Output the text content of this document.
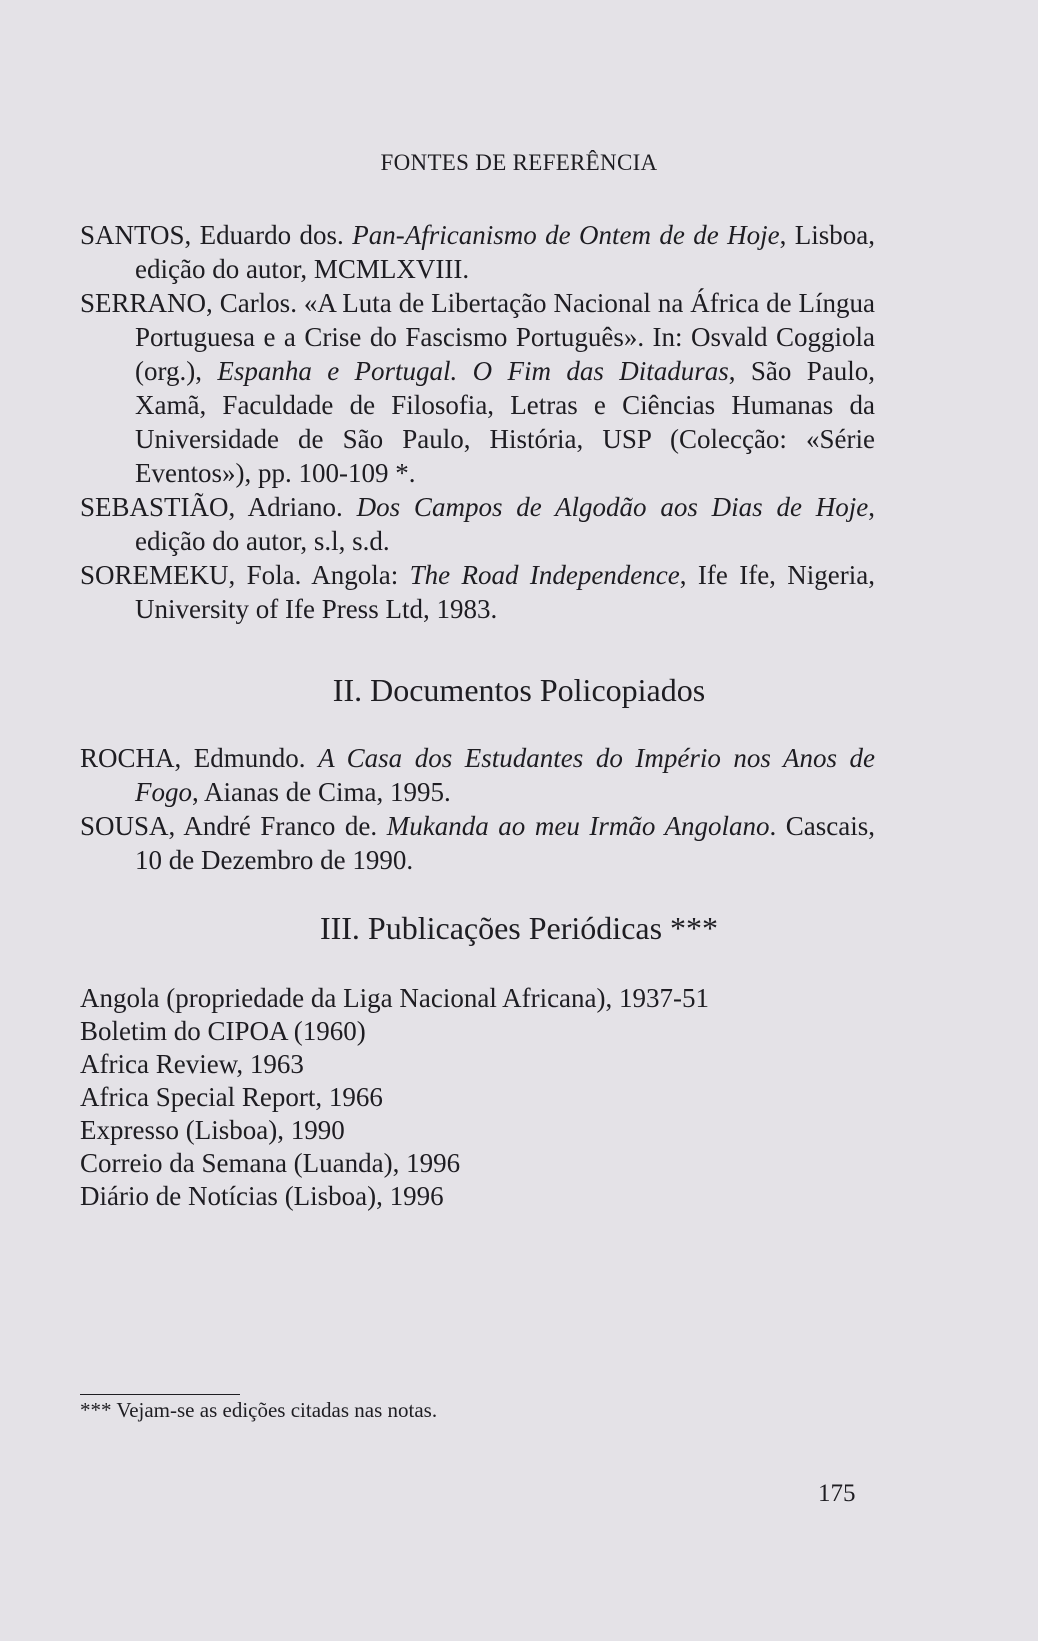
FONTES DE REFERÊNCIA

SANTOS, Eduardo dos. Pan-Africanismo de Ontem de de Hoje, Lisboa, edição do autor, MCMLXVIII.

SERRANO, Carlos. «A Luta de Libertação Nacional na África de Língua Portuguesa e a Crise do Fascismo Português». In: Osvald Coggiola (org.), Espanha e Portugal. O Fim das Ditaduras, São Paulo, Xamã, Faculdade de Filosofia, Letras e Ciências Humanas da Universidade de São Paulo, História, USP (Colecção: «Série Eventos»), pp. 100-109 *.

SEBASTIÃO, Adriano. Dos Campos de Algodão aos Dias de Hoje, edição do autor, s.l, s.d.

SOREMEKU, Fola. Angola: The Road Independence, Ife Ife, Nigeria, University of Ife Press Ltd, 1983.

II. Documentos Policopiados

ROCHA, Edmundo. A Casa dos Estudantes do Império nos Anos de Fogo, Aianas de Cima, 1995.

SOUSA, André Franco de. Mukanda ao meu Irmão Angolano. Cascais, 10 de Dezembro de 1990.

III. Publicações Periódicas ***

Angola (propriedade da Liga Nacional Africana), 1937-51

Boletim do CIPOA (1960)

Africa Review, 1963

Africa Special Report, 1966

Expresso (Lisboa), 1990

Correio da Semana (Luanda), 1996

Diário de Notícias (Lisboa), 1996

*** Vejam-se as edições citadas nas notas.
175
